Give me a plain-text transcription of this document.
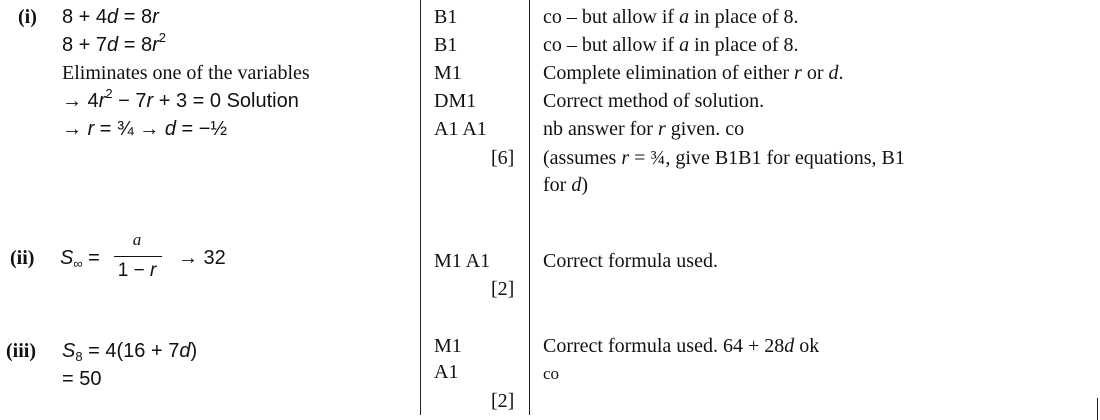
(i) 8 + 4d = 8r
$8 + 7d = 8r^2$
Eliminates one of the variables
→ $4r^2 - 7r + 3 = 0$ Solution
→ r = ¾ → d = −½
B1
B1
M1
DM1
A1 A1
[6]
co – but allow if a in place of 8.
co – but allow if a in place of 8.
Complete elimination of either r or d.
Correct method of solution.
nb answer for r given. co
(assumes r = ¾, give B1B1 for equations, B1
for d)
(ii) $S_\infty$ =
a
1 − r
→ 32	M1 A1
[2]
Correct formula used.
(iii) $S_8 = 4(16 + 7d)$
= 50
M1
A1
[2]
Correct formula used. 64 + 28d ok
co
